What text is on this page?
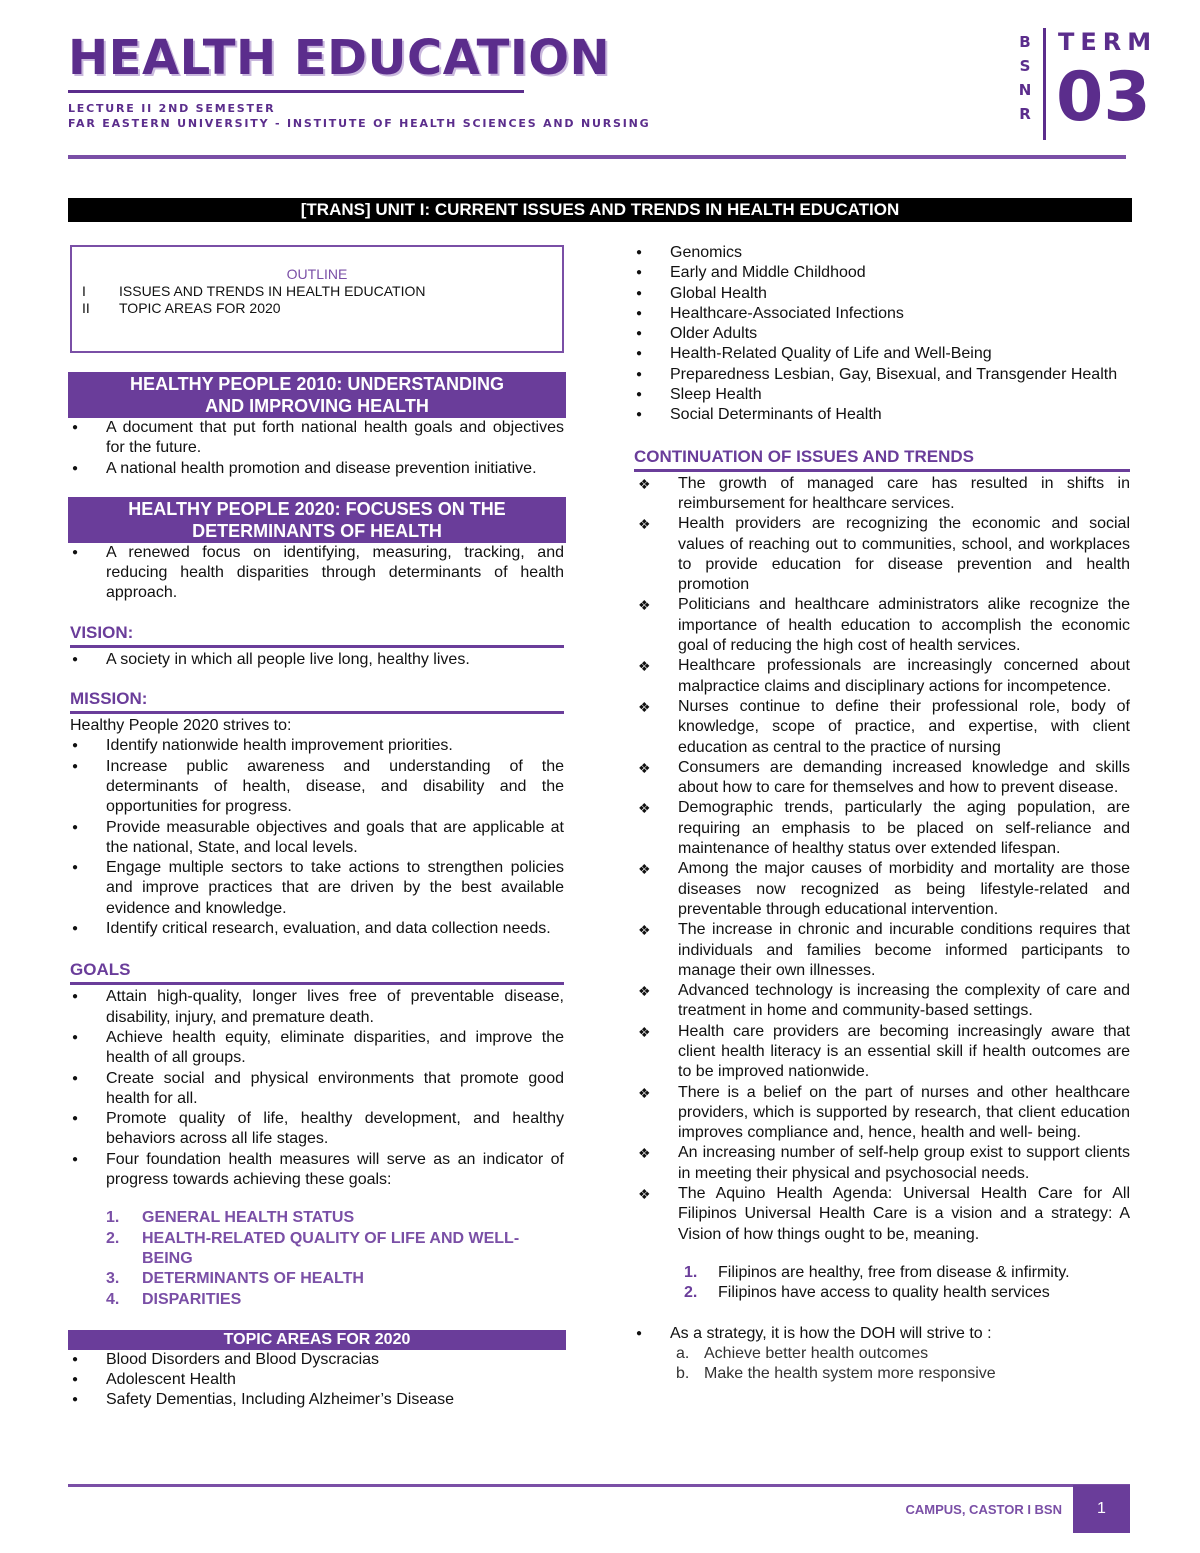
HEALTH EDUCATION
LECTURE II 2ND SEMESTER
FAR EASTERN UNIVERSITY - INSTITUTE OF HEALTH SCIENCES AND NURSING
B
S
N
R
TERM
03
[TRANS] UNIT I: CURRENT ISSUES AND TRENDS IN HEALTH EDUCATION
OUTLINE
I	ISSUES AND TRENDS IN HEALTH EDUCATION
II	TOPIC AREAS FOR 2020
HEALTHY PEOPLE 2010: UNDERSTANDING
AND IMPROVING HEALTH
● A document that put forth national health goals and objectives for the future.
● A national health promotion and disease prevention initiative.
HEALTHY PEOPLE 2020: FOCUSES ON THE
DETERMINANTS OF HEALTH
● A renewed focus on identifying, measuring, tracking, and reducing health disparities through determinants of health approach.
VISION:
● A society in which all people live long, healthy lives.
MISSION:
Healthy People 2020 strives to:
● Identify nationwide health improvement priorities.
● Increase public awareness and understanding of the determinants of health, disease, and disability and the opportunities for progress.
● Provide measurable objectives and goals that are applicable at the national, State, and local levels.
● Engage multiple sectors to take actions to strengthen policies and improve practices that are driven by the best available evidence and knowledge.
● Identify critical research, evaluation, and data collection needs.
GOALS
● Attain high-quality, longer lives free of preventable disease, disability, injury, and premature death.
● Achieve health equity, eliminate disparities, and improve the health of all groups.
● Create social and physical environments that promote good health for all.
● Promote quality of life, healthy development, and healthy behaviors across all life stages.
● Four foundation health measures will serve as an indicator of progress towards achieving these goals:
1. GENERAL HEALTH STATUS
2. HEALTH-RELATED QUALITY OF LIFE AND WELL-BEING
3. DETERMINANTS OF HEALTH
4. DISPARITIES
TOPIC AREAS FOR 2020
● Blood Disorders and Blood Dyscracias
● Adolescent Health
● Safety Dementias, Including Alzheimer’s Disease
● Genomics
● Early and Middle Childhood
● Global Health
● Healthcare-Associated Infections
● Older Adults
● Health-Related Quality of Life and Well-Being
● Preparedness Lesbian, Gay, Bisexual, and Transgender Health
● Sleep Health
● Social Determinants of Health
CONTINUATION OF ISSUES AND TRENDS
❖ The growth of managed care has resulted in shifts in reimbursement for healthcare services.
❖ Health providers are recognizing the economic and social values of reaching out to communities, school, and workplaces to provide education for disease prevention and health promotion
❖ Politicians and healthcare administrators alike recognize the importance of health education to accomplish the economic goal of reducing the high cost of health services.
❖ Healthcare professionals are increasingly concerned about malpractice claims and disciplinary actions for incompetence.
❖ Nurses continue to define their professional role, body of knowledge, scope of practice, and expertise, with client education as central to the practice of nursing
❖ Consumers are demanding increased knowledge and skills about how to care for themselves and how to prevent disease.
❖ Demographic trends, particularly the aging population, are requiring an emphasis to be placed on self-reliance and maintenance of healthy status over extended lifespan.
❖ Among the major causes of morbidity and mortality are those diseases now recognized as being lifestyle-related and preventable through educational intervention.
❖ The increase in chronic and incurable conditions requires that individuals and families become informed participants to manage their own illnesses.
❖ Advanced technology is increasing the complexity of care and treatment in home and community-based settings.
❖ Health care providers are becoming increasingly aware that client health literacy is an essential skill if health outcomes are to be improved nationwide.
❖ There is a belief on the part of nurses and other healthcare providers, which is supported by research, that client education improves compliance and, hence, health and well- being.
❖ An increasing number of self-help group exist to support clients in meeting their physical and psychosocial needs.
❖ The Aquino Health Agenda: Universal Health Care for All Filipinos Universal Health Care is a vision and a strategy: A Vision of how things ought to be, meaning.
1. Filipinos are healthy, free from disease & infirmity.
2. Filipinos have access to quality health services
● As a strategy, it is how the DOH will strive to :
a. Achieve better health outcomes
b. Make the health system more responsive
CAMPUS, CASTOR I BSN	1
